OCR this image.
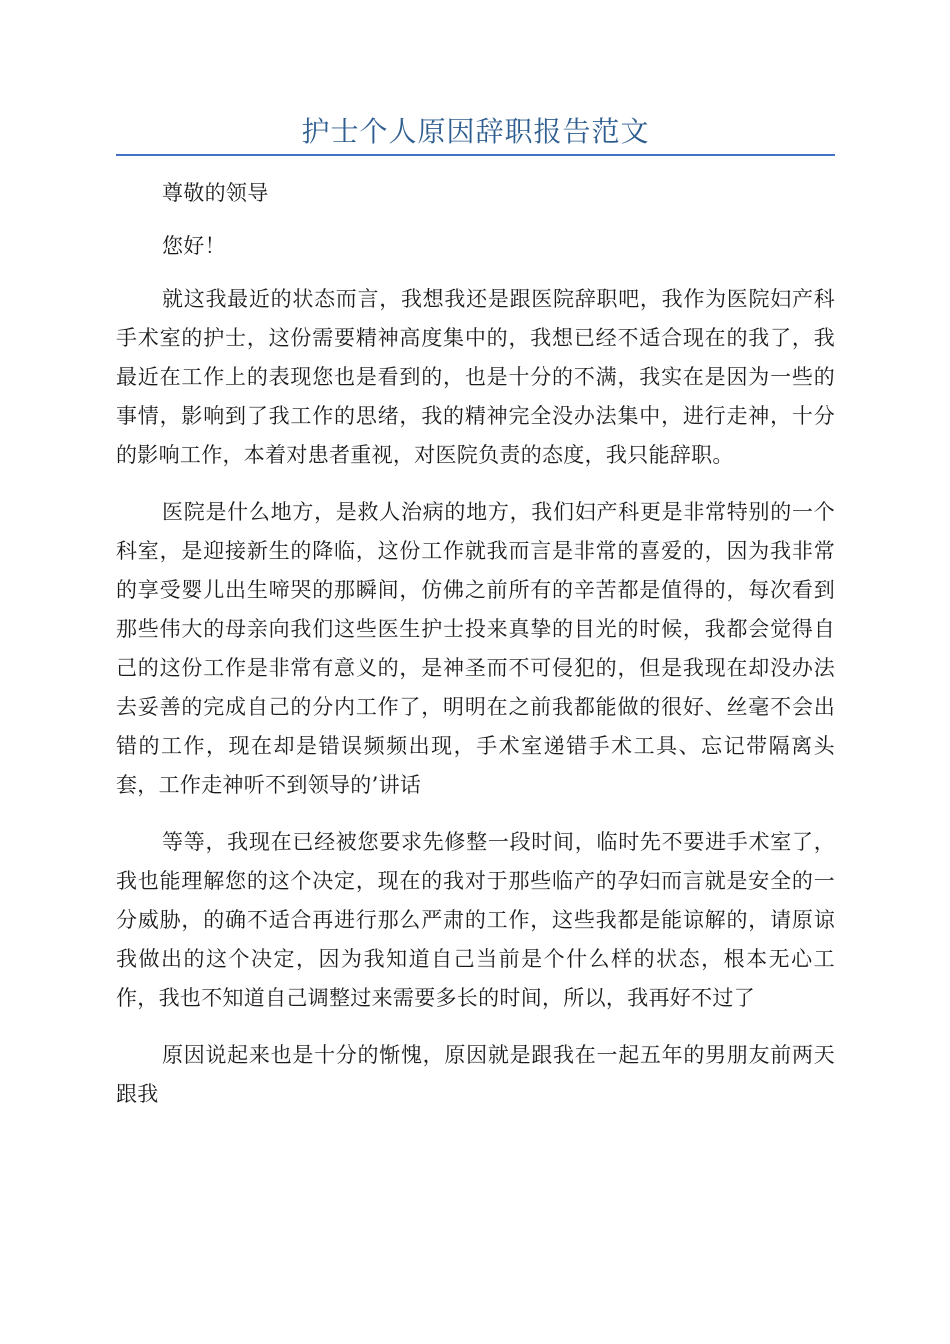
护士个人原因辞职报告范文

尊敬的领导

您好！

就这我最近的状态而言，我想我还是跟医院辞职吧，我作为医院妇产科手术室的护士，这份需要精神高度集中的，我想已经不适合现在的我了，我最近在工作上的表现您也是看到的，也是十分的不满，我实在是因为一些的事情，影响到了我工作的思绪，我的精神完全没办法集中，进行走神，十分的影响工作，本着对患者重视，对医院负责的态度，我只能辞职。

医院是什么地方，是救人治病的地方，我们妇产科更是非常特别的一个科室，是迎接新生的降临，这份工作就我而言是非常的喜爱的，因为我非常的享受婴儿出生啼哭的那瞬间，仿佛之前所有的辛苦都是值得的，每次看到那些伟大的母亲向我们这些医生护士投来真挚的目光的时候，我都会觉得自己的这份工作是非常有意义的，是神圣而不可侵犯的，但是我现在却没办法去妥善的完成自己的分内工作了，明明在之前我都能做的很好、丝毫不会出错的工作，现在却是错误频频出现，手术室递错手术工具、忘记带隔离头套，工作走神听不到领导的’讲话

等等，我现在已经被您要求先修整一段时间，临时先不要进手术室了，我也能理解您的这个决定，现在的我对于那些临产的孕妇而言就是安全的一分威胁，的确不适合再进行那么严肃的工作，这些我都是能谅解的，请原谅我做出的这个决定，因为我知道自己当前是个什么样的状态，根本无心工作，我也不知道自己调整过来需要多长的时间，所以，我再好不过了

原因说起来也是十分的惭愧，原因就是跟我在一起五年的男朋友前两天跟我
